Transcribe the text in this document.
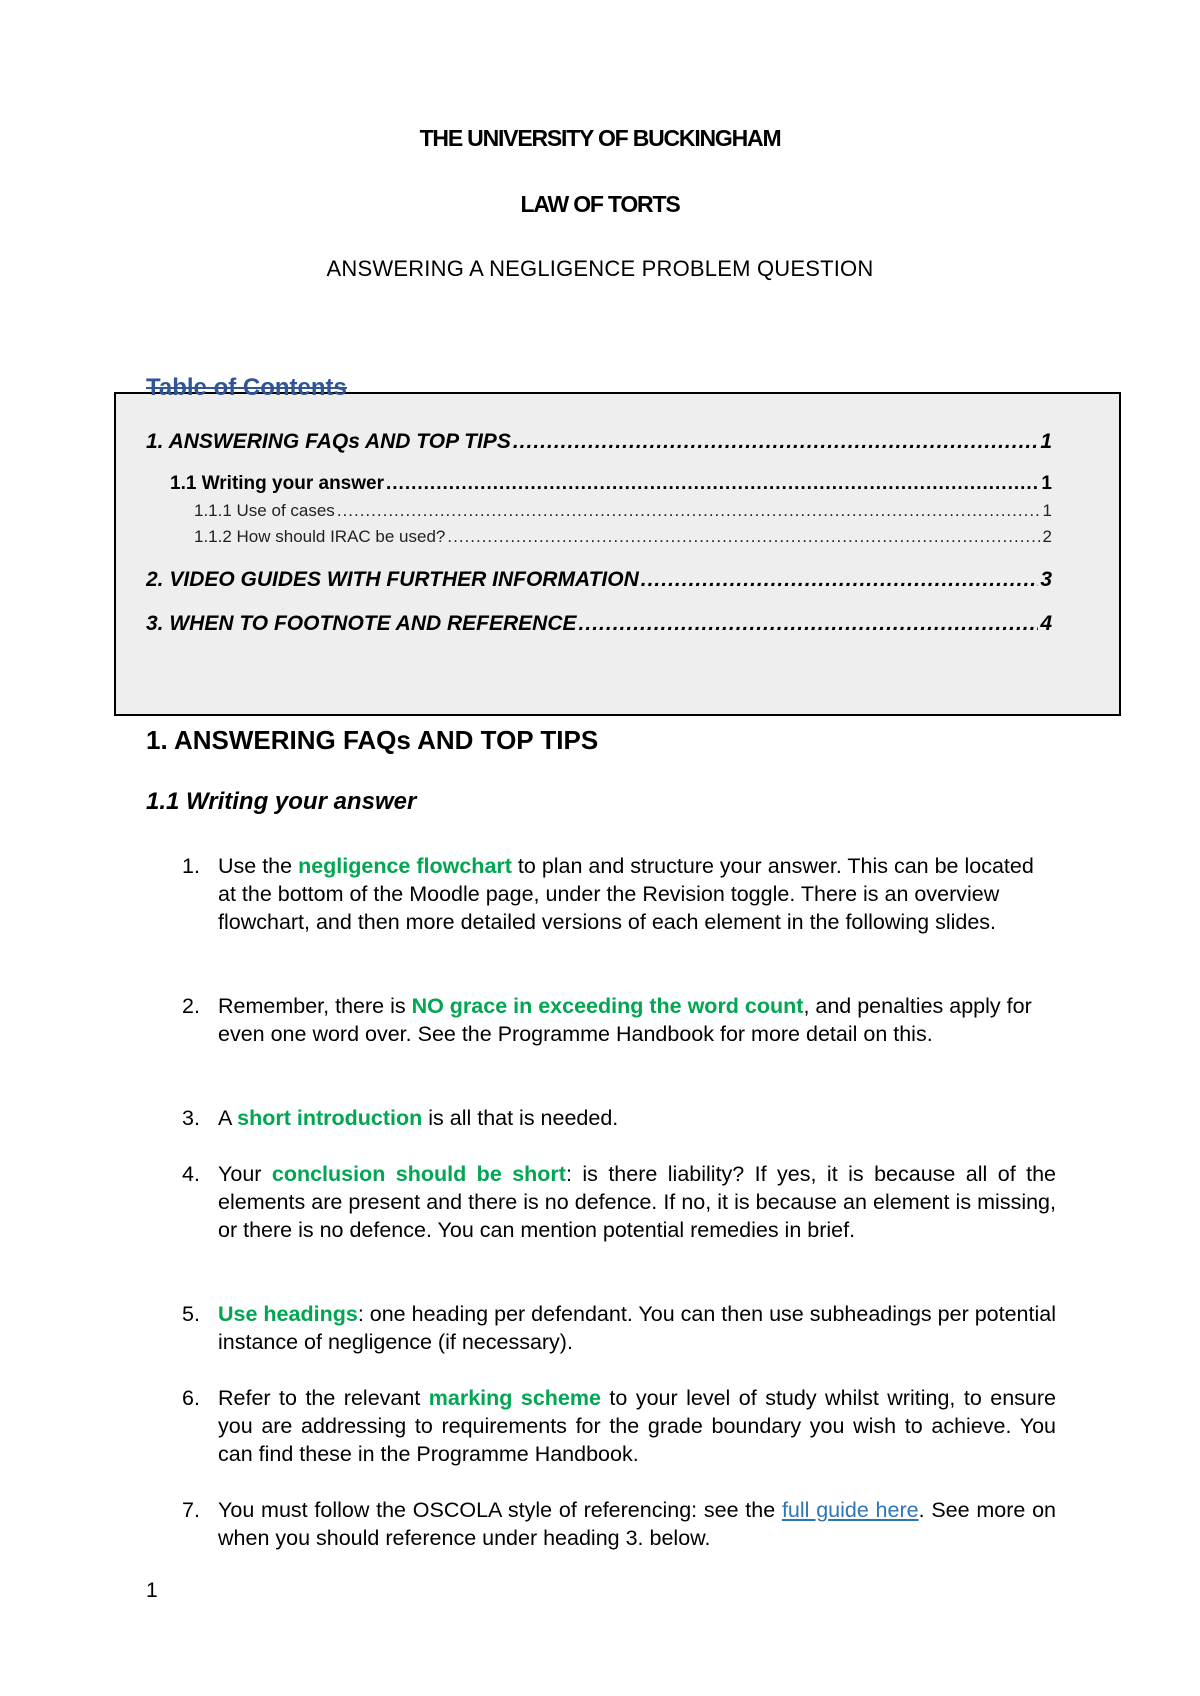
THE UNIVERSITY OF BUCKINGHAM
LAW OF TORTS
ANSWERING A NEGLIGENCE PROBLEM QUESTION
Table of Contents
1. ANSWERING FAQs AND TOP TIPS .....	1
1.1 Writing your answer .....	1
1.1.1 Use of cases .....	1
1.1.2 How should IRAC be used? .....	2
2. VIDEO GUIDES WITH FURTHER INFORMATION .....	3
3. WHEN TO FOOTNOTE AND REFERENCE .....	4
1. ANSWERING FAQs AND TOP TIPS
1.1 Writing your answer
1. Use the negligence flowchart to plan and structure your answer. This can be located at the bottom of the Moodle page, under the Revision toggle. There is an overview flowchart, and then more detailed versions of each element in the following slides.
2. Remember, there is NO grace in exceeding the word count, and penalties apply for even one word over. See the Programme Handbook for more detail on this.
3. A short introduction is all that is needed.
4. Your conclusion should be short: is there liability? If yes, it is because all of the elements are present and there is no defence. If no, it is because an element is missing, or there is no defence. You can mention potential remedies in brief.
5. Use headings: one heading per defendant. You can then use subheadings per potential instance of negligence (if necessary).
6. Refer to the relevant marking scheme to your level of study whilst writing, to ensure you are addressing to requirements for the grade boundary you wish to achieve. You can find these in the Programme Handbook.
7. You must follow the OSCOLA style of referencing: see the full guide here. See more on when you should reference under heading 3. below.
1
